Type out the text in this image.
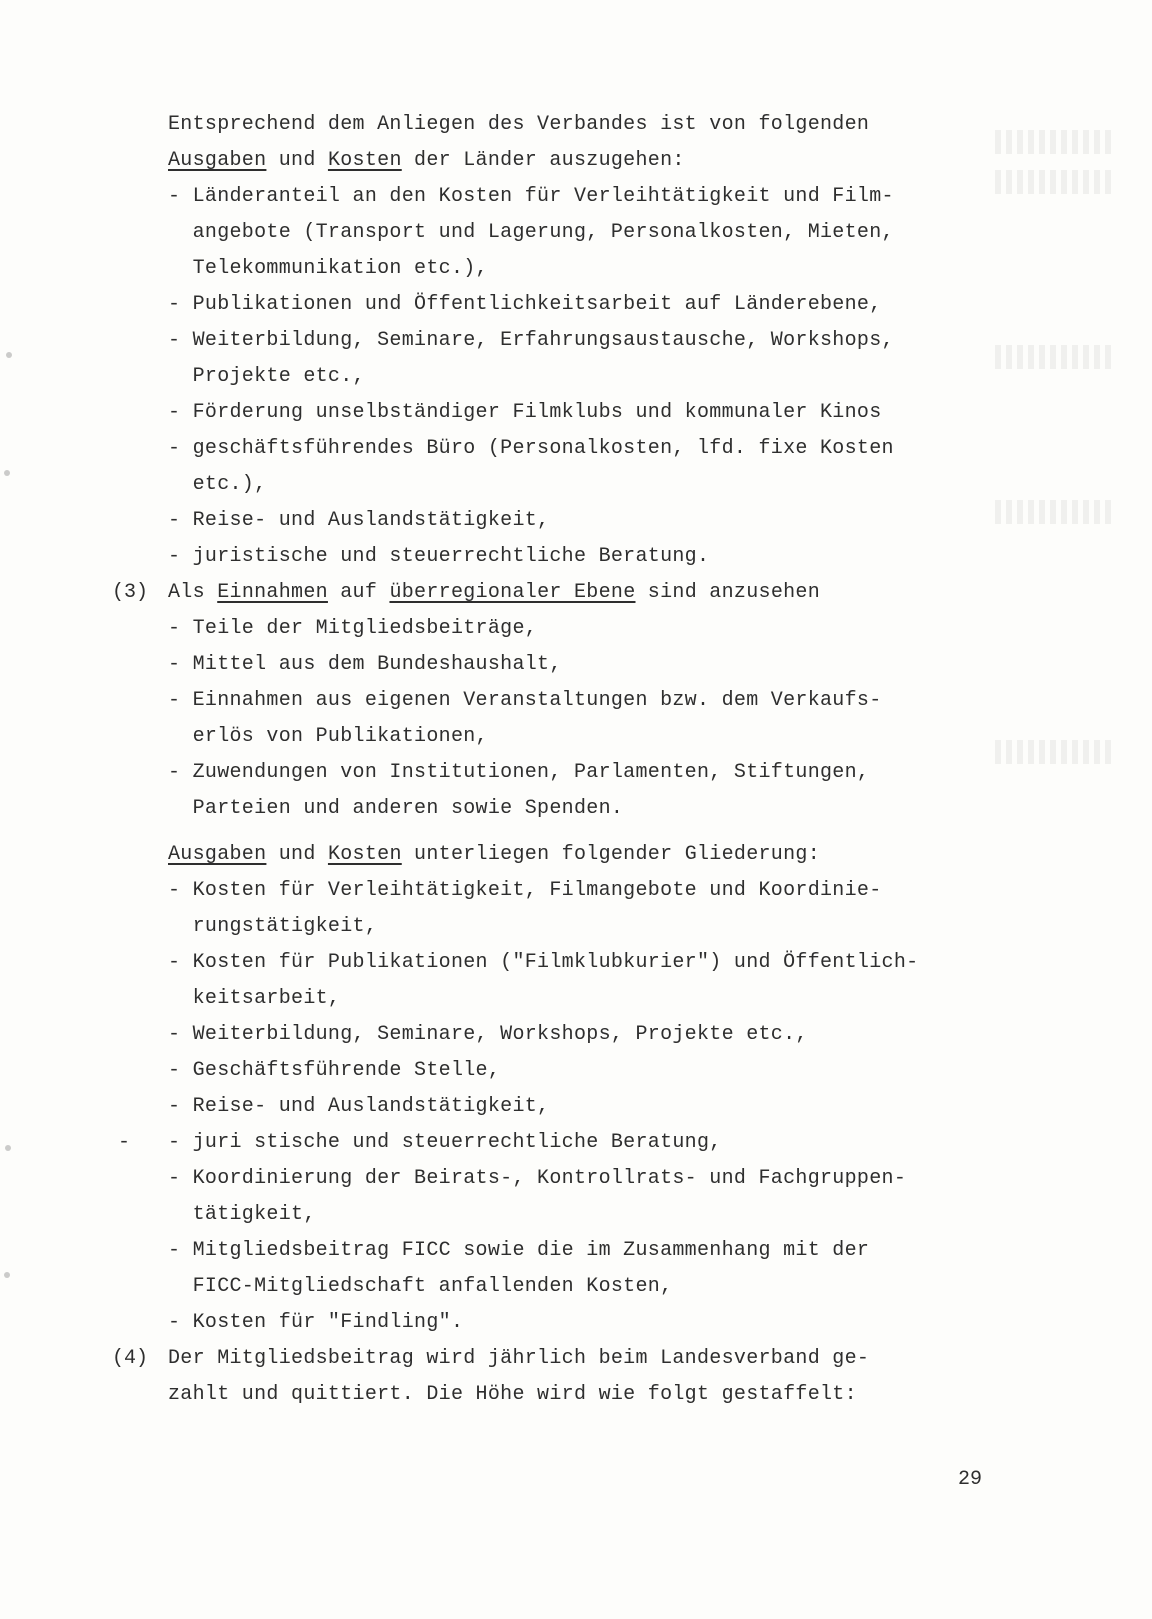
Entsprechend dem Anliegen des Verbandes ist von folgenden
Ausgaben und Kosten der Länder auszugehen:
- Länderanteil an den Kosten für Verleihtätigkeit und Film-
angebote (Transport und Lagerung, Personalkosten, Mieten,
Telekommunikation etc.),
- Publikationen und Öffentlichkeitsarbeit auf Länderebene,
- Weiterbildung, Seminare, Erfahrungsaustausche, Workshops,
Projekte etc.,
- Förderung unselbständiger Filmklubs und kommunaler Kinos
- geschäftsführendes Büro (Personalkosten, lfd. fixe Kosten
etc.),
- Reise- und Auslandstätigkeit,
- juristische und steuerrechtliche Beratung.
(3) Als Einnahmen auf überregionaler Ebene sind anzusehen
- Teile der Mitgliedsbeiträge,
- Mittel aus dem Bundeshaushalt,
- Einnahmen aus eigenen Veranstaltungen bzw. dem Verkaufs-
erlös von Publikationen,
- Zuwendungen von Institutionen, Parlamenten, Stiftungen,
Parteien und anderen sowie Spenden.
Ausgaben und Kosten unterliegen folgender Gliederung:
- Kosten für Verleihtätigkeit, Filmangebote und Koordinie-
rungstätigkeit,
- Kosten für Publikationen ("Filmklubkurier") und Öffentlich-
keitsarbeit,
- Weiterbildung, Seminare, Workshops, Projekte etc.,
- Geschäftsführende Stelle,
- Reise- und Auslandstätigkeit,
- - juri stische und steuerrechtliche Beratung,
- Koordinierung der Beirats-, Kontrollrats- und Fachgruppen-
tätigkeit,
- Mitgliedsbeitrag FICC sowie die im Zusammenhang mit der
FICC-Mitgliedschaft anfallenden Kosten,
- Kosten für "Findling".
(4) Der Mitgliedsbeitrag wird jährlich beim Landesverband ge-
zahlt und quittiert. Die Höhe wird wie folgt gestaffelt:
29
